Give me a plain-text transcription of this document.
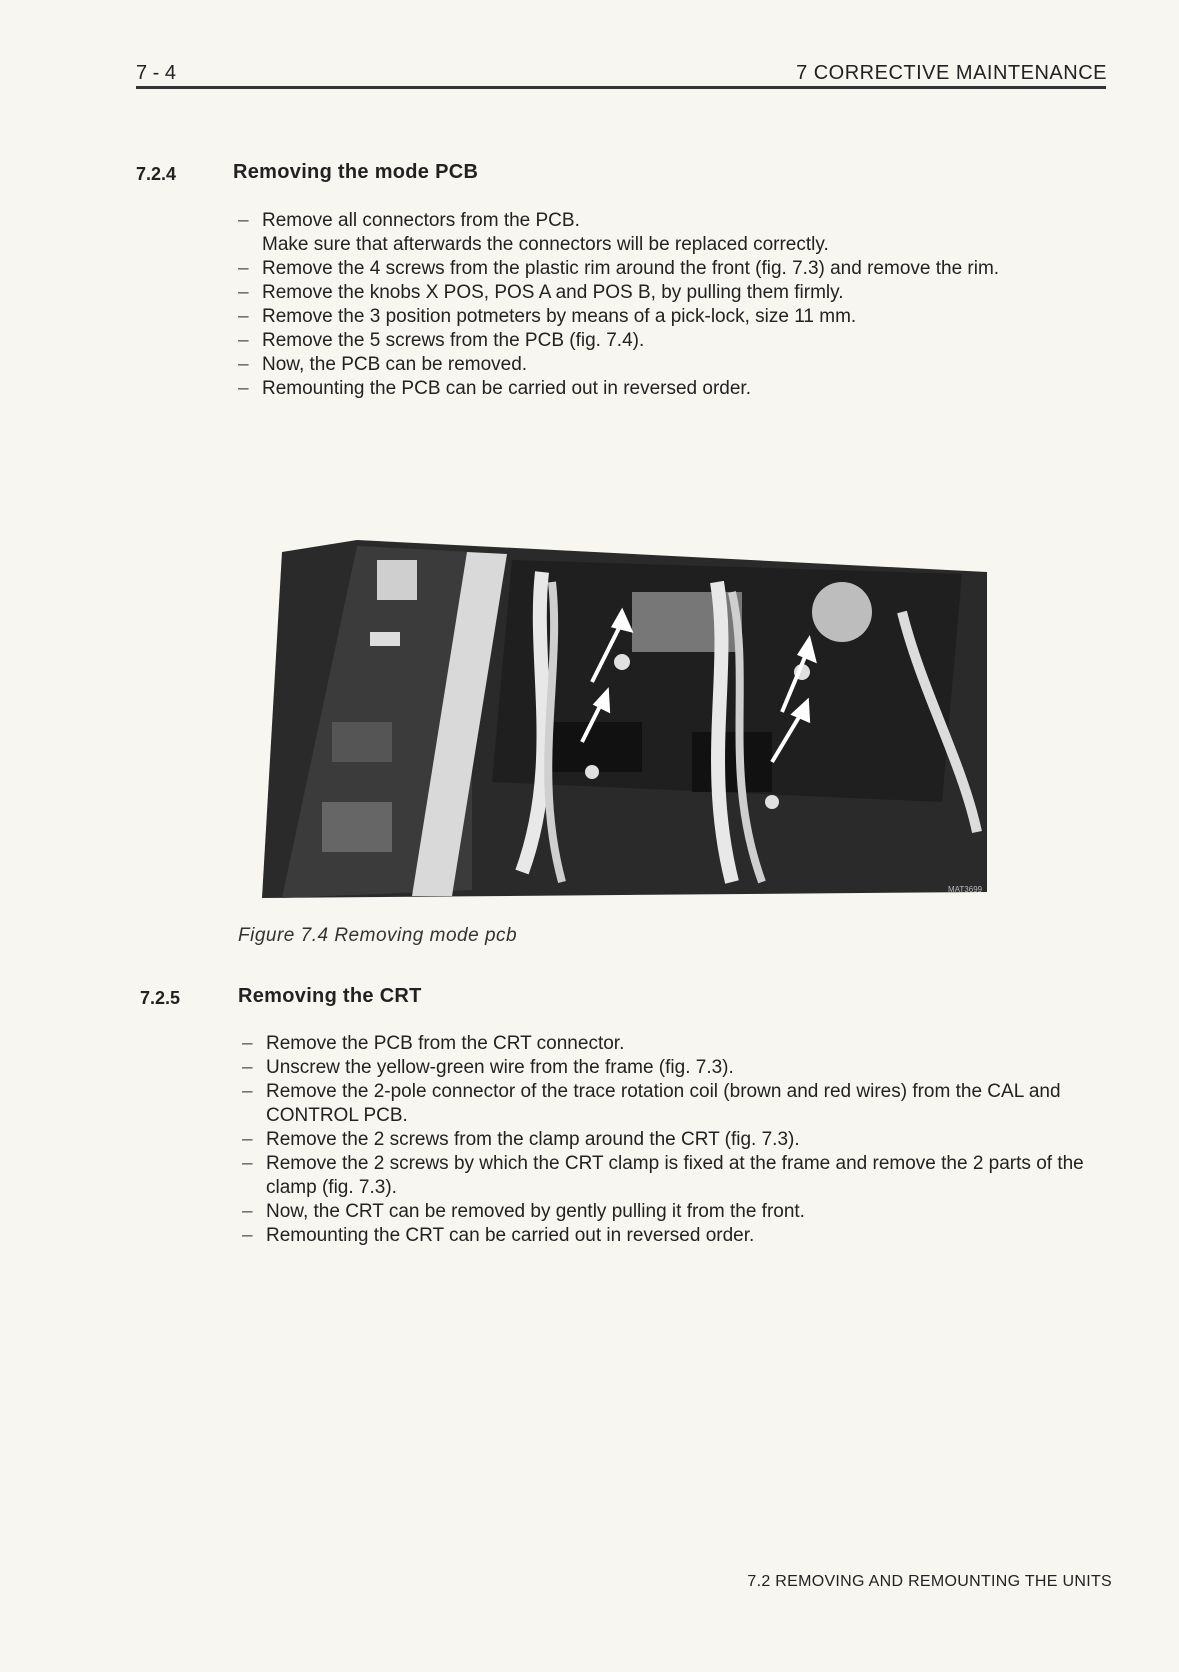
7 - 4	7 CORRECTIVE MAINTENANCE
7.2.4	Removing the mode PCB
– Remove all connectors from the PCB.
Make sure that afterwards the connectors will be replaced correctly.
– Remove the 4 screws from the plastic rim around the front (fig. 7.3) and remove the rim.
– Remove the knobs X POS, POS A and POS B, by pulling them firmly.
– Remove the 3 position potmeters by means of a pick-lock, size 11 mm.
– Remove the 5 screws from the PCB (fig. 7.4).
– Now, the PCB can be removed.
– Remounting the PCB can be carried out in reversed order.
MAT3699
Figure 7.4 Removing mode pcb
7.2.5	Removing the CRT
– Remove the PCB from the CRT connector.
– Unscrew the yellow-green wire from the frame (fig. 7.3).
– Remove the 2-pole connector of the trace rotation coil (brown and red wires) from the CAL and CONTROL PCB.
– Remove the 2 screws from the clamp around the CRT (fig. 7.3).
– Remove the 2 screws by which the CRT clamp is fixed at the frame and remove the 2 parts of the clamp (fig. 7.3).
– Now, the CRT can be removed by gently pulling it from the front.
– Remounting the CRT can be carried out in reversed order.
7.2 REMOVING AND REMOUNTING THE UNITS
